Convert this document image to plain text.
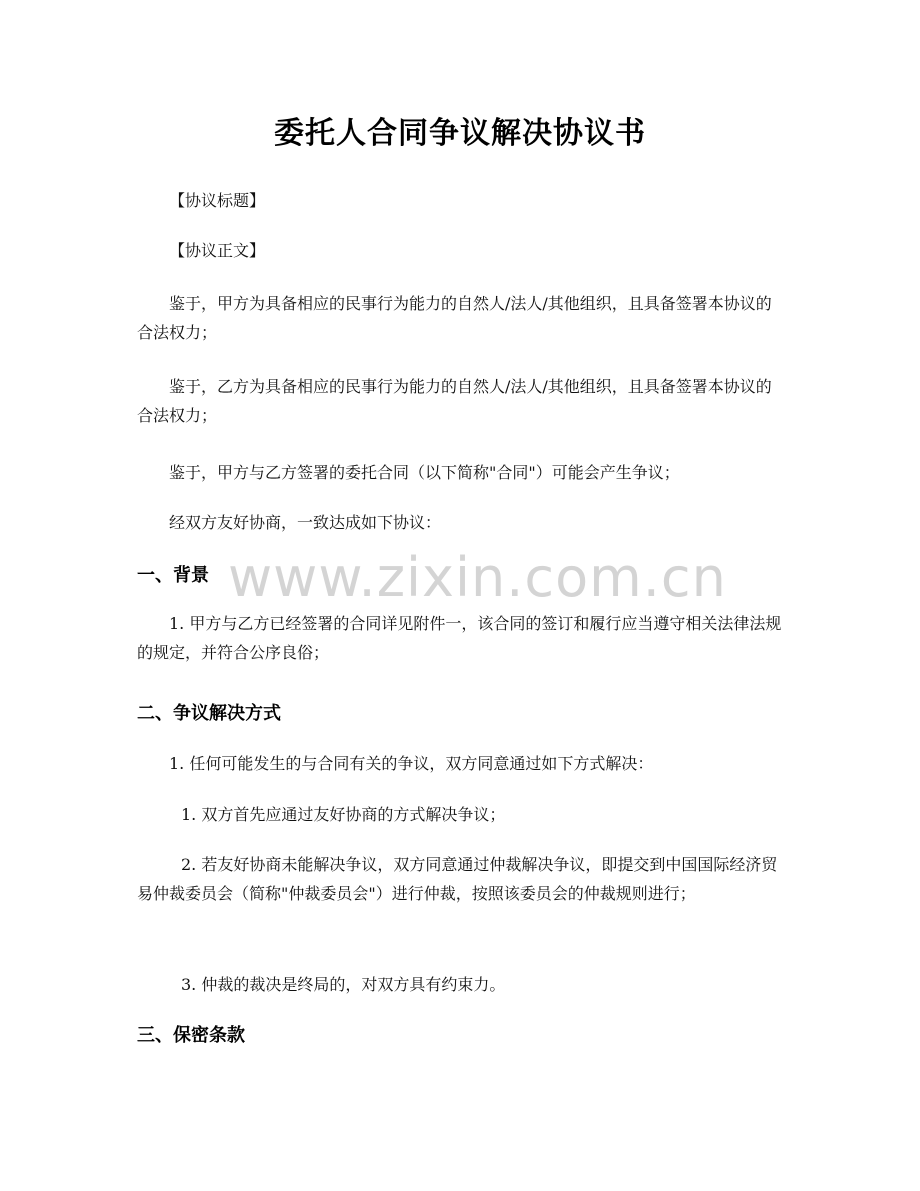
委托人合同争议解决协议书
【协议标题】
【协议正文】
鉴于，甲方为具备相应的民事行为能力的自然人/法人/其他组织，且具备签署本协议的合法权力；
鉴于，乙方为具备相应的民事行为能力的自然人/法人/其他组织，且具备签署本协议的合法权力；
鉴于，甲方与乙方签署的委托合同（以下简称"合同"）可能会产生争议；
经双方友好协商，一致达成如下协议：
一、背景 www.zixin.com.cn
1. 甲方与乙方已经签署的合同详见附件一，该合同的签订和履行应当遵守相关法律法规的规定，并符合公序良俗；
二、争议解决方式
1. 任何可能发生的与合同有关的争议，双方同意通过如下方式解决：
1. 双方首先应通过友好协商的方式解决争议；
2. 若友好协商未能解决争议，双方同意通过仲裁解决争议，即提交到中国国际经济贸易仲裁委员会（简称"仲裁委员会"）进行仲裁，按照该委员会的仲裁规则进行；
3. 仲裁的裁决是终局的，对双方具有约束力。
三、保密条款
